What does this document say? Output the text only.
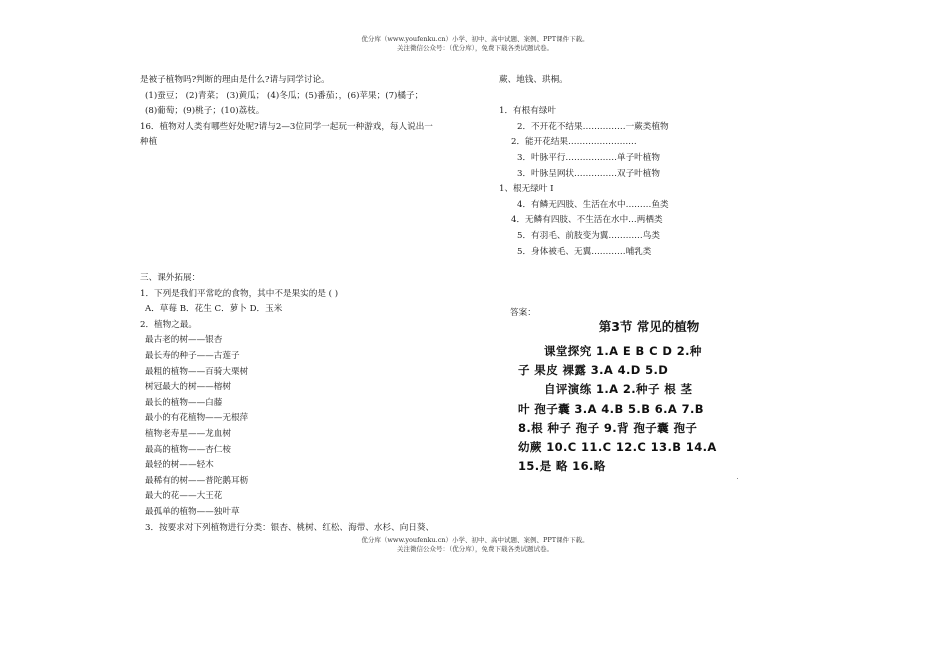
优分库（www.youfenku.cn）小学、初中、高中试题、案例、PPT课件下载。
关注微信公众号：（优分库），免费下载各类试题试卷。
是被子植物吗?判断的理由是什么?请与同学讨论。
(1)蚕豆； (2)青菜； (3)黄瓜； (4)冬瓜；(5)番茄；，(6)苹果；(7)橘子；
(8)葡萄；(9)桃子；(10)荔枝。
16．植物对人类有哪些好处呢?请与2—3位同学一起玩一种游戏，每人说出一
种植
三、课外拓展：
1．下列是我们平常吃的食物，其中不是果实的是 ( )
A．草莓 B．花生 C．萝卜 D．玉米
2．植物之最。
最古老的树——银杏
最长寿的种子——古莲子
最粗的植物——百骑大栗树
树冠最大的树——榕树
最长的植物——白藤
最小的有花植物——无根萍
植物老寿星——龙血树
最高的植物——杏仁桉
最轻的树——轻木
最稀有的树——普陀鹅耳枥
最大的花——大王花
最孤单的植物——独叶草
3．按要求对下列植物进行分类：银杏、桃树、红松、海带、水杉、向日葵、
蕨、地钱、珙桐。
1．有根有绿叶
2．不开花不结果……………一蕨类植物
2．能开花结果……………………
3．叶脉平行………………单子叶植物
3．叶脉呈网状……………双子叶植物
1、根无绿叶 I
4．有鳞无四肢、生活在水中………鱼类
4．无鳞有四肢、不生活在水中…两栖类
5．有羽毛、前肢变为翼…………鸟类
5．身体被毛、无翼…………哺乳类
答案：
第3节 常见的植物
课堂探究 1.A E B C D 2.种
子 果皮 裸露 3.A 4.D 5.D
自评演练 1.A 2.种子 根 茎
叶 孢子囊 3.A 4.B 5.B 6.A 7.B
8.根 种子 孢子 9.背 孢子囊 孢子
幼蕨 10.C 11.C 12.C 13.B 14.A
15.是 略 16.略
优分库（www.youfenku.cn）小学、初中、高中试题、案例、PPT课件下载。
关注微信公众号：（优分库），免费下载各类试题试卷。
